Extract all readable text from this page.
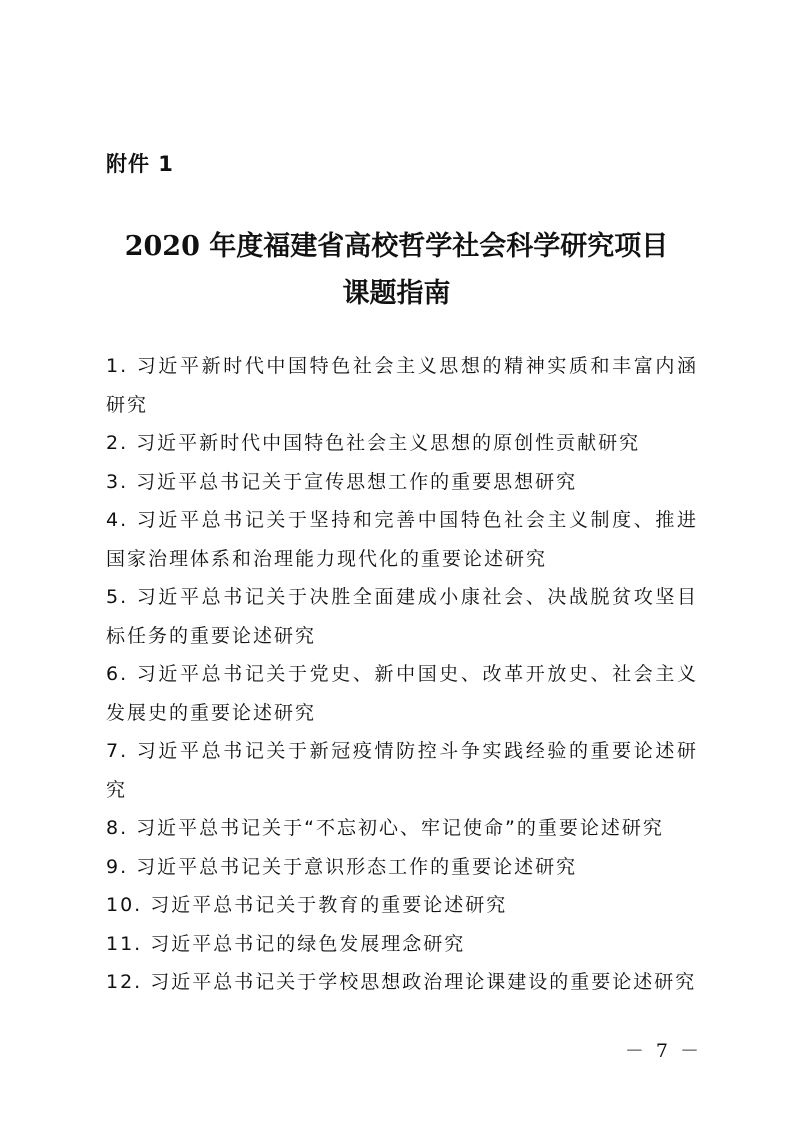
附件 1
2020 年度福建省高校哲学社会科学研究项目
课题指南
1. 习近平新时代中国特色社会主义思想的精神实质和丰富内涵研究
2. 习近平新时代中国特色社会主义思想的原创性贡献研究
3. 习近平总书记关于宣传思想工作的重要思想研究
4. 习近平总书记关于坚持和完善中国特色社会主义制度、推进国家治理体系和治理能力现代化的重要论述研究
5. 习近平总书记关于决胜全面建成小康社会、决战脱贫攻坚目标任务的重要论述研究
6. 习近平总书记关于党史、新中国史、改革开放史、社会主义发展史的重要论述研究
7. 习近平总书记关于新冠疫情防控斗争实践经验的重要论述研究
8. 习近平总书记关于“不忘初心、牢记使命”的重要论述研究
9. 习近平总书记关于意识形态工作的重要论述研究
10. 习近平总书记关于教育的重要论述研究
11. 习近平总书记的绿色发展理念研究
12. 习近平总书记关于学校思想政治理论课建设的重要论述研究
－ 7 －
